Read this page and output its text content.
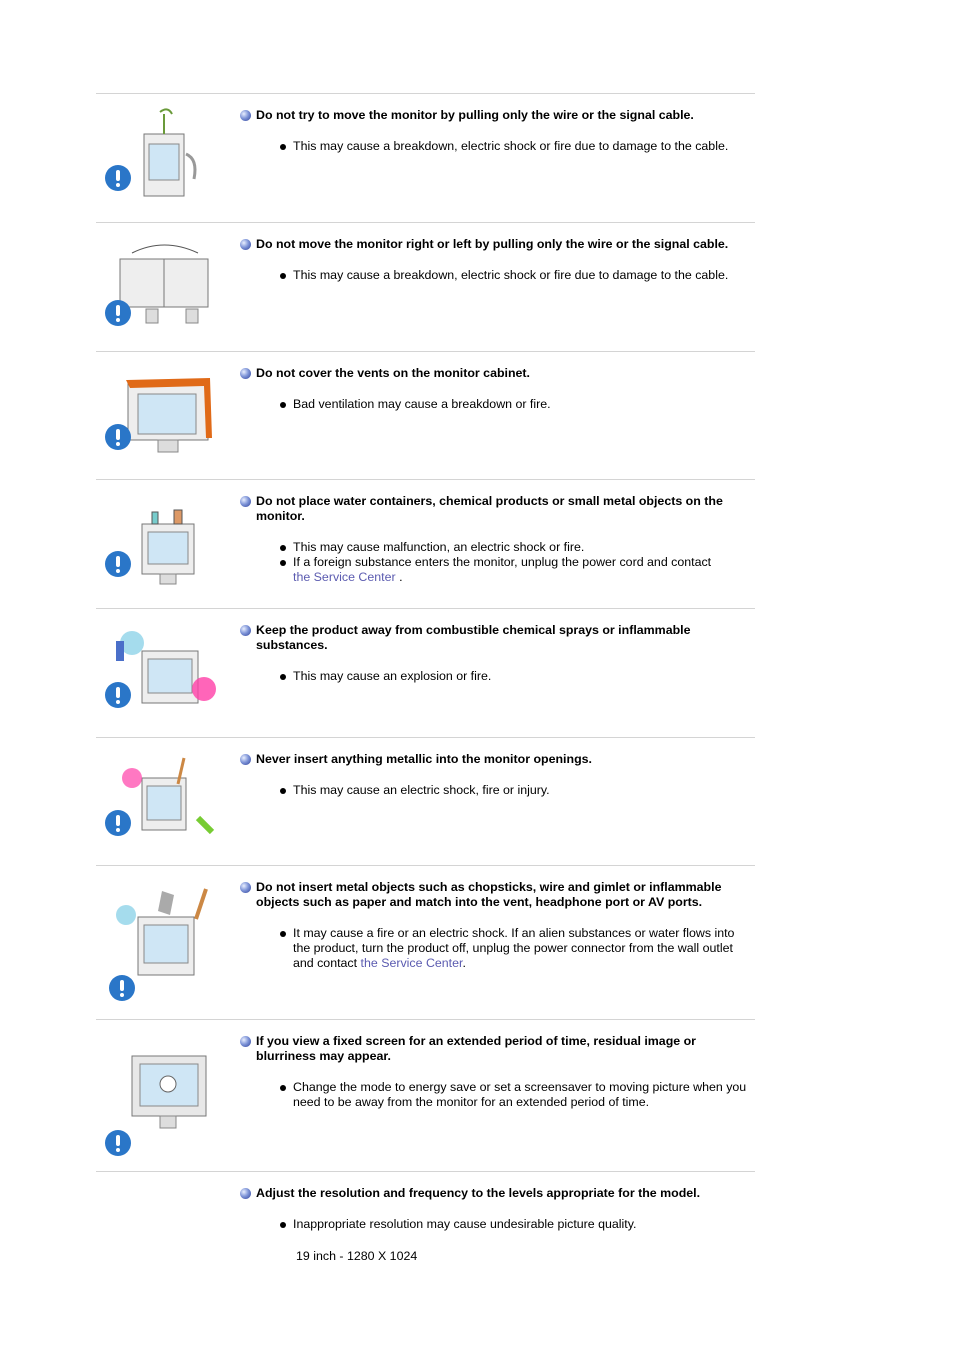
Do not try to move the monitor by pulling only the wire or the signal cable.
This may cause a breakdown, electric shock or fire due to damage to the cable.
Do not move the monitor right or left by pulling only the wire or the signal cable.
This may cause a breakdown, electric shock or fire due to damage to the cable.
Do not cover the vents on the monitor cabinet.
Bad ventilation may cause a breakdown or fire.
Do not place water containers, chemical products or small metal objects on the monitor.
This may cause malfunction, an electric shock or fire.
If a foreign substance enters the monitor, unplug the power cord and contact
the Service Center .
Keep the product away from combustible chemical sprays or inflammable substances.
This may cause an explosion or fire.
Never insert anything metallic into the monitor openings.
This may cause an electric shock, fire or injury.
Do not insert metal objects such as chopsticks, wire and gimlet or inflammable objects such as paper and match into the vent, headphone port or AV ports.
It may cause a fire or an electric shock. If an alien substances or water flows into the product, turn the product off, unplug the power connector from the wall outlet and contact the Service Center.
If you view a fixed screen for an extended period of time, residual image or blurriness may appear.
Change the mode to energy save or set a screensaver to moving picture when you need to be away from the monitor for an extended period of time.
Adjust the resolution and frequency to the levels appropriate for the model.
Inappropriate resolution may cause undesirable picture quality.
19 inch - 1280 X 1024
